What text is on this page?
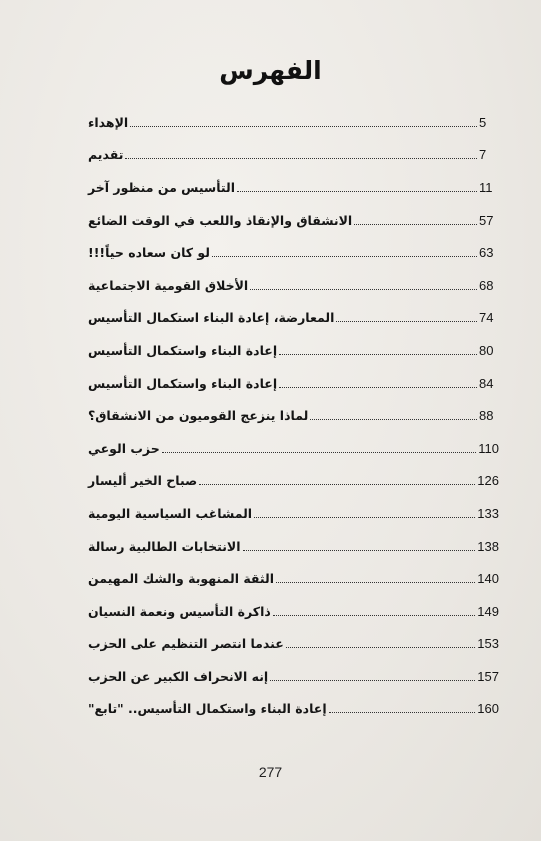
الفهرس
الإهداء	5
تقديم	7
التأسيس من منظور آخر	11
الانشقاق والإنقاذ واللعب في الوقت الضائع	57
لو كان سعاده حياً!!!	63
الأخلاق القومية الاجتماعية	68
المعارضة، إعادة البناء استكمال التأسيس	74
إعادة البناء واستكمال التأسيس	80
إعادة البناء واستكمال التأسيس	84
لماذا ينزعج القوميون من الانشقاق؟	88
حزب الوعي	110
صباح الخير أليسار	126
المشاغب السياسية اليومية	133
الانتخابات الطالبية رسالة	138
الثقة المنهوبة والشك المهيمن	140
ذاكرة التأسيس ونعمة النسيان	149
عندما انتصر التنظيم على الحزب	153
إنه الانحراف الكبير عن الحزب	157
إعادة البناء واستكمال التأسيس.. "تابع"	160
277
